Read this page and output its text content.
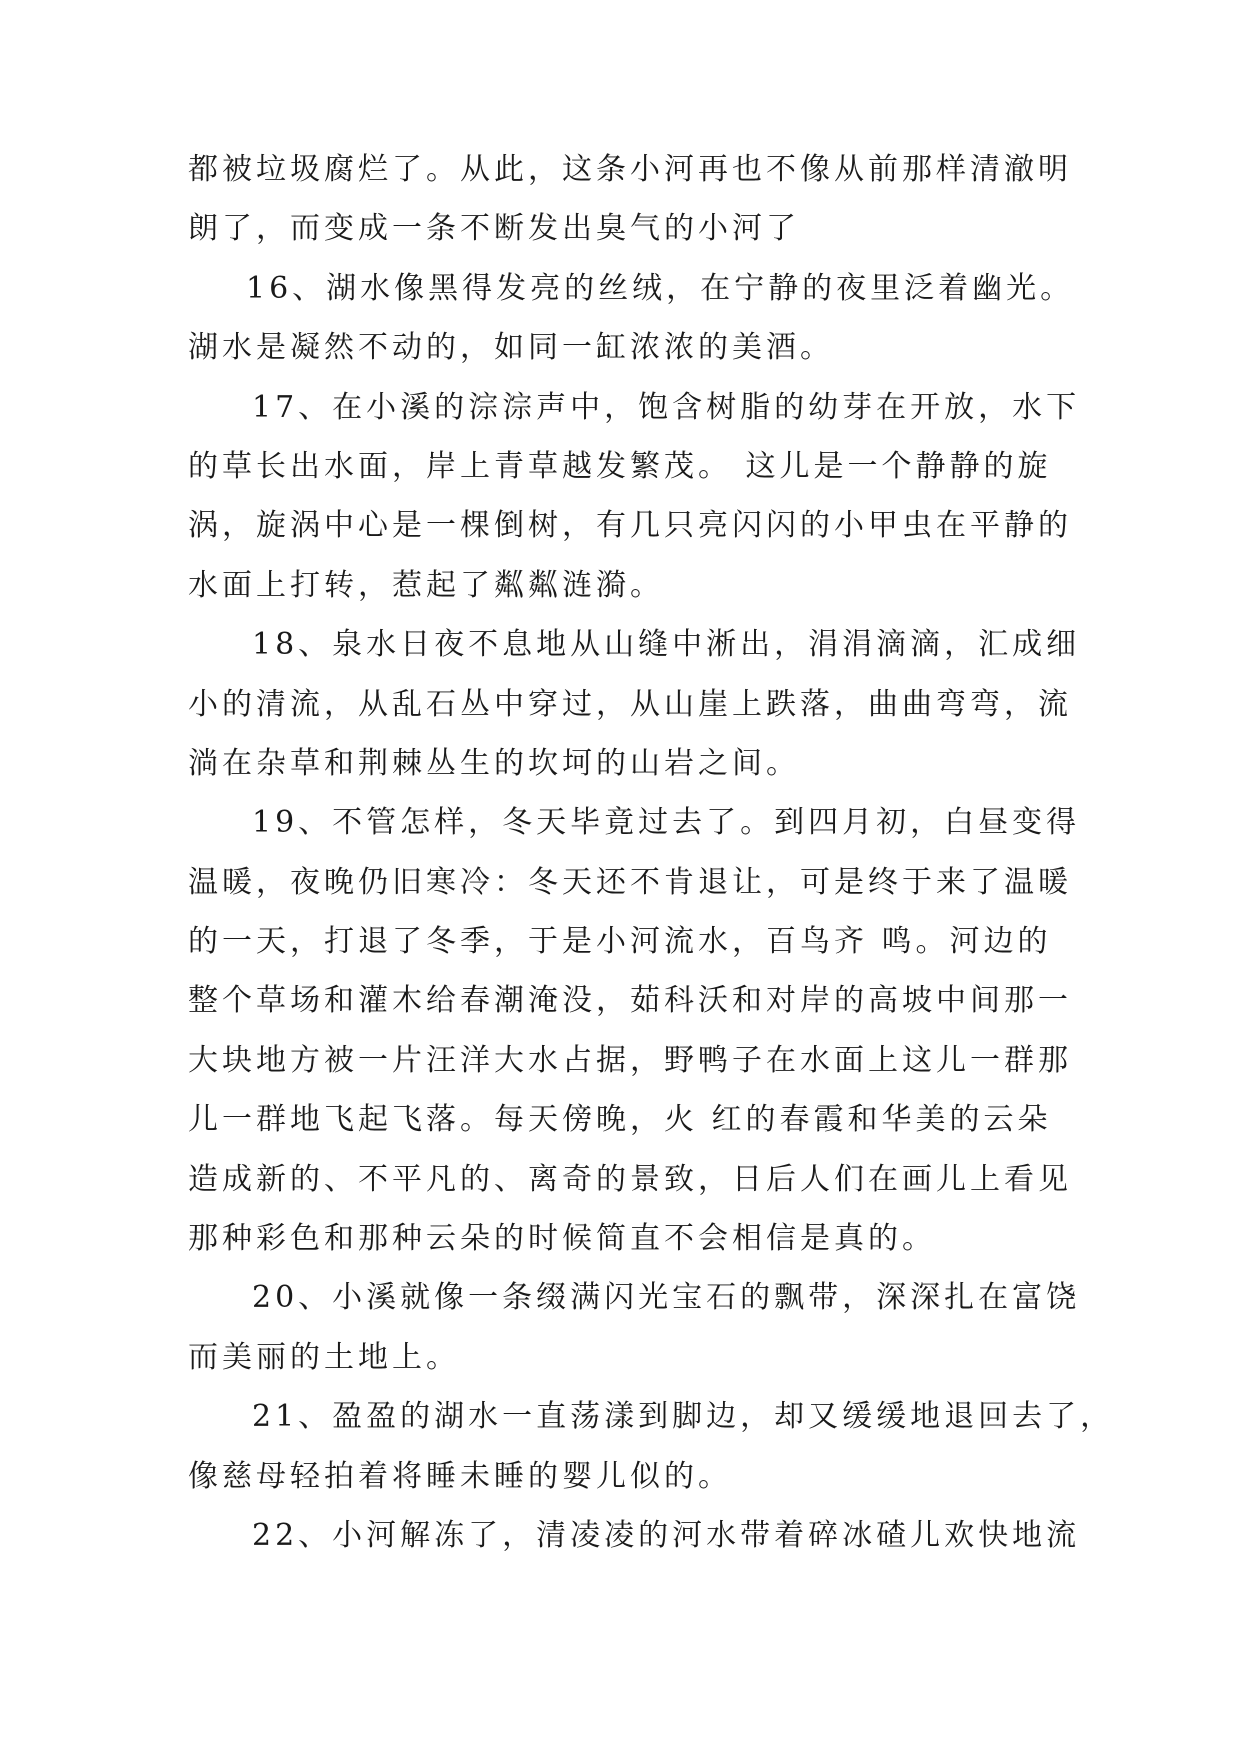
都被垃圾腐烂了。从此，这条小河再也不像从前那样清澈明
朗了，而变成一条不断发出臭气的小河了
16、湖水像黑得发亮的丝绒，在宁静的夜里泛着幽光。
湖水是凝然不动的，如同一缸浓浓的美酒。
17、在小溪的淙淙声中，饱含树脂的幼芽在开放，水下
的草长出水面，岸上青草越发繁茂。 这儿是一个静静的旋
涡，旋涡中心是一棵倒树，有几只亮闪闪的小甲虫在平静的
水面上打转，惹起了粼粼涟漪。
18、泉水日夜不息地从山缝中淅出，涓涓滴滴，汇成细
小的清流，从乱石丛中穿过，从山崖上跌落，曲曲弯弯，流
淌在杂草和荆棘丛生的坎坷的山岩之间。
19、不管怎样，冬天毕竟过去了。到四月初，白昼变得
温暖，夜晚仍旧寒冷：冬天还不肯退让，可是终于来了温暖
的一天，打退了冬季，于是小河流水，百鸟齐 鸣。河边的
整个草场和灌木给春潮淹没，茹科沃和对岸的高坡中间那一
大块地方被一片汪洋大水占据，野鸭子在水面上这儿一群那
儿一群地飞起飞落。每天傍晚，火 红的春霞和华美的云朵
造成新的、不平凡的、离奇的景致，日后人们在画儿上看见
那种彩色和那种云朵的时候简直不会相信是真的。
20、小溪就像一条缀满闪光宝石的飘带，深深扎在富饶
而美丽的土地上。
21、盈盈的湖水一直荡漾到脚边，却又缓缓地退回去了，
像慈母轻拍着将睡未睡的婴儿似的。
22、小河解冻了，清凌凌的河水带着碎冰碴儿欢快地流
